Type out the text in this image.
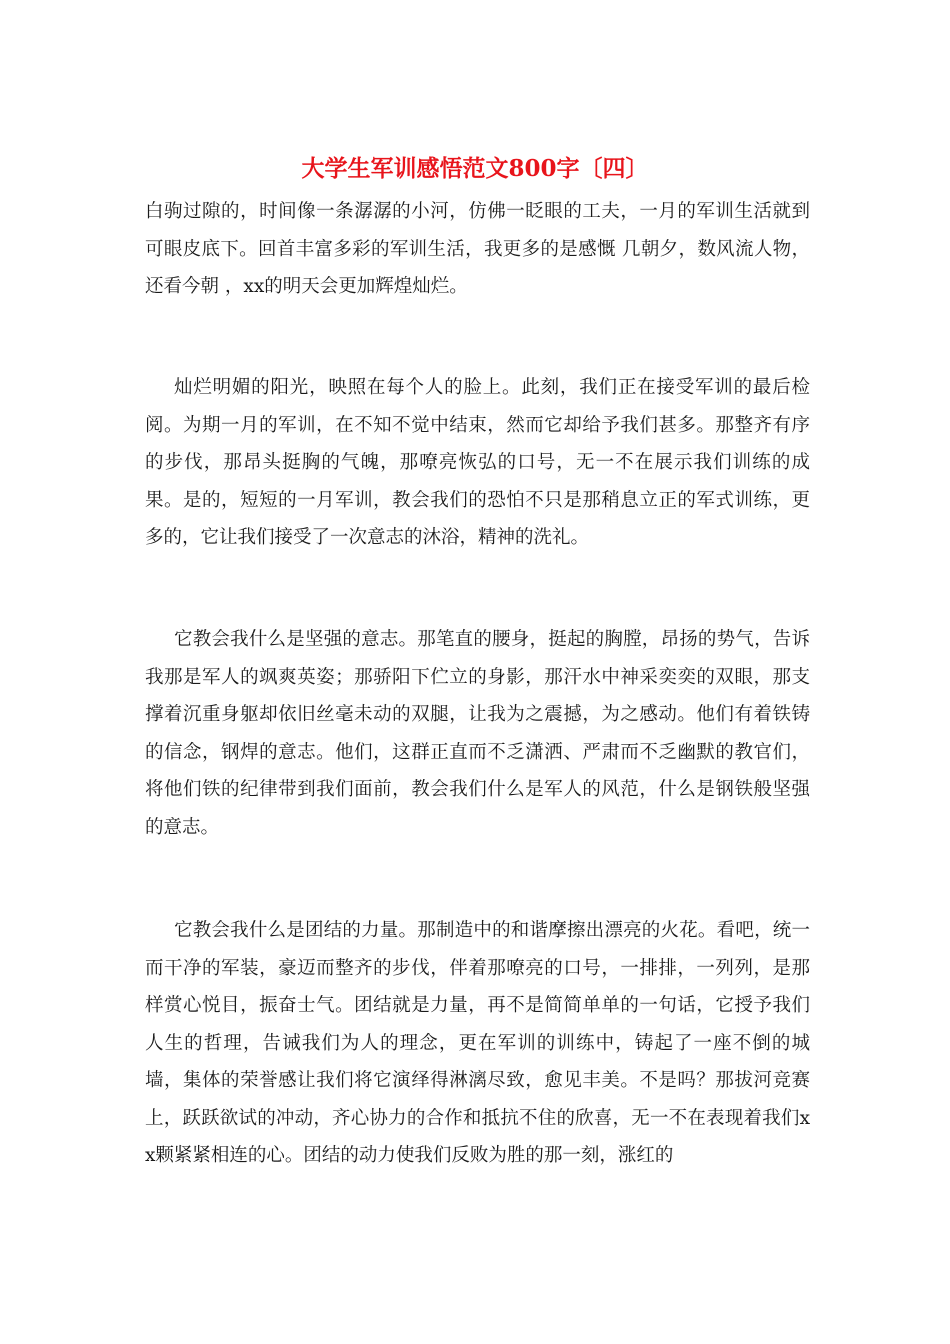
大学生军训感悟范文800字〔四〕

白驹过隙的，时间像一条潺潺的小河，仿佛一眨眼的工夫，一月的军训生活就到可眼皮底下。回首丰富多彩的军训生活，我更多的是感慨 几朝夕，数风流人物，还看今朝 ，xx的明天会更加辉煌灿烂。

灿烂明媚的阳光，映照在每个人的脸上。此刻，我们正在接受军训的最后检阅。为期一月的军训，在不知不觉中结束，然而它却给予我们甚多。那整齐有序的步伐，那昂头挺胸的气魄，那嘹亮恢弘的口号，无一不在展示我们训练的成果。是的，短短的一月军训，教会我们的恐怕不只是那稍息立正的军式训练，更多的，它让我们接受了一次意志的沐浴，精神的洗礼。

它教会我什么是坚强的意志。那笔直的腰身，挺起的胸膛，昂扬的势气，告诉我那是军人的飒爽英姿；那骄阳下伫立的身影，那汗水中神采奕奕的双眼，那支撑着沉重身躯却依旧丝毫未动的双腿，让我为之震撼，为之感动。他们有着铁铸的信念，钢焊的意志。他们，这群正直而不乏潇洒、严肃而不乏幽默的教官们，将他们铁的纪律带到我们面前，教会我们什么是军人的风范，什么是钢铁般坚强的意志。

它教会我什么是团结的力量。那制造中的和谐摩擦出漂亮的火花。看吧，统一而干净的军装，豪迈而整齐的步伐，伴着那嘹亮的口号，一排排，一列列，是那样赏心悦目，振奋士气。团结就是力量，再不是简简单单的一句话，它授予我们人生的哲理，告诫我们为人的理念，更在军训的训练中，铸起了一座不倒的城墙，集体的荣誉感让我们将它演绎得淋漓尽致，愈见丰美。不是吗？那拔河竞赛上，跃跃欲试的冲动，齐心协力的合作和抵抗不住的欣喜，无一不在表现着我们xx颗紧紧相连的心。团结的动力使我们反败为胜的那一刻，涨红的
